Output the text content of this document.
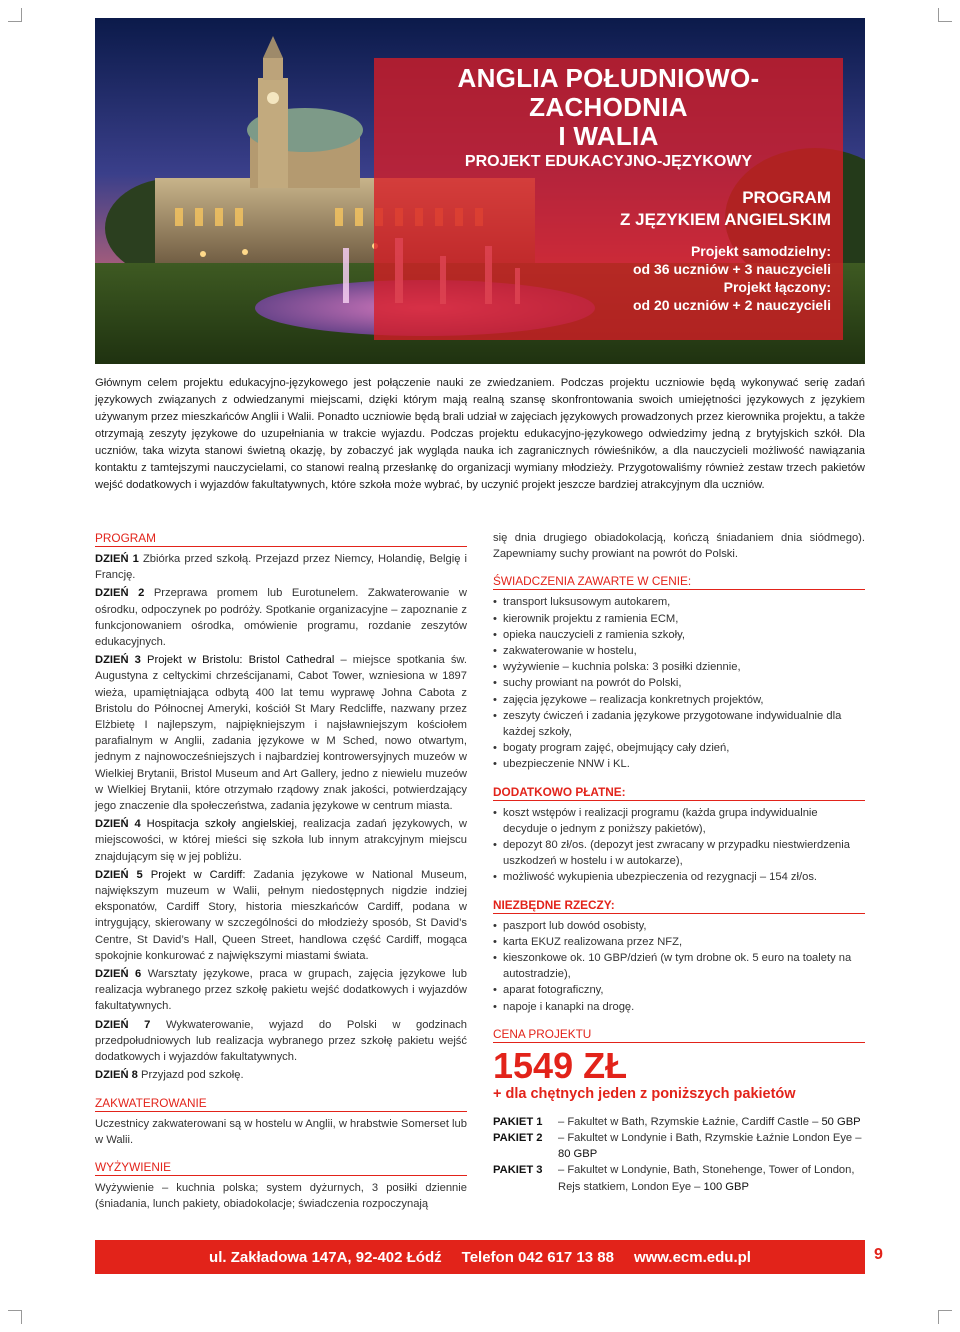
ANGLIA POŁUDNIOWO-ZACHODNIA
I WALIA
PROJEKT EDUKACYJNO-JĘZYKOWY
PROGRAM
Z JĘZYKIEM ANGIELSKIM
Projekt samodzielny:
od 36 uczniów + 3 nauczycieli
Projekt łączony:
od 20 uczniów + 2 nauczycieli
Głównym celem projektu edukacyjno-językowego jest połączenie nauki ze zwiedzaniem. Podczas projektu uczniowie będą wykonywać serię zadań językowych związanych z odwiedzanymi miejscami, dzięki którym mają realną szansę skonfrontowania swoich umiejętności językowych z językiem używanym przez mieszkańców Anglii i Walii. Ponadto uczniowie będą brali udział w zajęciach językowych prowadzonych przez kierownika projektu, a także otrzymają zeszyty językowe do uzupełniania w trakcie wyjazdu. Podczas projektu edukacyjno-językowego odwiedzimy jedną z brytyjskich szkół. Dla uczniów, taka wizyta stanowi świetną okazję, by zobaczyć jak wygląda nauka ich zagranicznych rówieśników, a dla nauczycieli możliwość nawiązania kontaktu z tamtejszymi nauczycielami, co stanowi realną przesłankę do organizacji wymiany młodzieży. Przygotowaliśmy również zestaw trzech pakietów wejść dodatkowych i wyjazdów fakultatywnych, które szkoła może wybrać, by uczynić projekt jeszcze bardziej atrakcyjnym dla uczniów.
PROGRAM
DZIEŃ 1 Zbiórka przed szkołą. Przejazd przez Niemcy, Holandię, Belgię i Francję.
DZIEŃ 2 Przeprawa promem lub Eurotunelem. Zakwaterowanie w ośrodku, odpoczynek po podróży. Spotkanie organizacyjne – zapoznanie z funkcjonowaniem ośrodka, omówienie programu, rozdanie zeszytów edukacyjnych.
DZIEŃ 3 Projekt w Bristolu: Bristol Cathedral – miejsce spotkania św. Augustyna z celtyckimi chrześcijanami, Cabot Tower, wzniesiona w 1897 wieża, upamiętniająca odbytą 400 lat temu wyprawę Johna Cabota z Bristolu do Północnej Ameryki, kościół St Mary Redcliffe, nazwany przez Elżbietę I najlepszym, najpiękniejszym i najsławniejszym kościołem parafialnym w Anglii, zadania językowe w M Sched, nowo otwartym, jednym z najnowocześniejszych i najbardziej kontrowersyjnych muzeów w Wielkiej Brytanii, Bristol Museum and Art Gallery, jedno z niewielu muzeów w Wielkiej Brytanii, które otrzymało rządowy znak jakości, potwierdzający jego znaczenie dla społeczeństwa, zadania językowe w centrum miasta.
DZIEŃ 4 Hospitacja szkoły angielskiej, realizacja zadań językowych, w miejscowości, w której mieści się szkoła lub innym atrakcyjnym miejscu znajdującym się w jej pobliżu.
DZIEŃ 5 Projekt w Cardiff: Zadania językowe w National Museum, największym muzeum w Walii, pełnym niedostępnych nigdzie indziej eksponatów, Cardiff Story, historia mieszkańców Cardiff, podana w intrygujący, skierowany w szczególności do młodzieży sposób, St David’s Centre, St David’s Hall, Queen Street, handlowa część Cardiff, mogąca spokojnie konkurować z największymi miastami świata.
DZIEŃ 6 Warsztaty językowe, praca w grupach, zajęcia językowe lub realizacja wybranego przez szkołę pakietu wejść dodatkowych i wyjazdów fakultatywnych.
DZIEŃ 7 Wykwaterowanie, wyjazd do Polski w godzinach przedpołudniowych lub realizacja wybranego przez szkołę pakietu wejść dodatkowych i wyjazdów fakultatywnych.
DZIEŃ 8 Przyjazd pod szkołę.
ZAKWATEROWANIE
Uczestnicy zakwaterowani są w hostelu w Anglii, w hrabstwie Somerset lub w Walii.
WYŻYWIENIE
Wyżywienie – kuchnia polska; system dyżurnych, 3 posiłki dziennie (śniadania, lunch pakiety, obiadokolacje; świadczenia rozpoczynają
się dnia drugiego obiadokolacją, kończą śniadaniem dnia siódmego). Zapewniamy suchy prowiant na powrót do Polski.
ŚWIADCZENIA ZAWARTE W CENIE:
• transport luksusowym autokarem,
• kierownik projektu z ramienia ECM,
• opieka nauczycieli z ramienia szkoły,
• zakwaterowanie w hostelu,
• wyżywienie – kuchnia polska: 3 posiłki dziennie,
• suchy prowiant na powrót do Polski,
• zajęcia językowe – realizacja konkretnych projektów,
• zeszyty ćwiczeń i zadania językowe przygotowane indywidualnie dla każdej szkoły,
• bogaty program zajęć, obejmujący cały dzień,
• ubezpieczenie NNW i KL.
DODATKOWO PŁATNE:
• koszt wstępów i realizacji programu (każda grupa indywidualnie decyduje o jednym z poniższy pakietów),
• depozyt 80 zł/os. (depozyt jest zwracany w przypadku niestwierdzenia uszkodzeń w hostelu i w autokarze),
• możliwość wykupienia ubezpieczenia od rezygnacji – 154 zł/os.
NIEZBĘDNE RZECZY:
• paszport lub dowód osobisty,
• karta EKUZ realizowana przez NFZ,
• kieszonkowe ok. 10 GBP/dzień (w tym drobne ok. 5 euro na toalety na autostradzie),
• aparat fotograficzny,
• napoje i kanapki na drogę.
CENA PROJEKTU
1549 ZŁ
+ dla chętnych jeden z poniższych pakietów
PAKIET 1	– Fakultet w Bath, Rzymskie Łaźnie, Cardiff Castle – 50 GBP
PAKIET 2	– Fakultet w Londynie i Bath, Rzymskie Łaźnie London Eye – 80 GBP
PAKIET 3	– Fakultet w Londynie, Bath, Stonehenge, Tower of London, Rejs statkiem, London Eye – 100 GBP
ul. Zakładowa 147A, 92-402 Łódź Telefon 042 617 13 88 www.ecm.edu.pl	9
